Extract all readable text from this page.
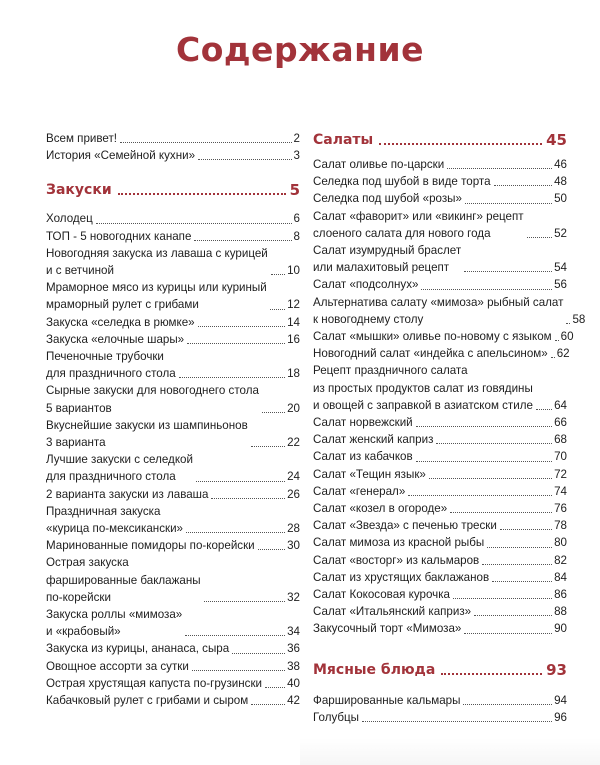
Содержание
Всем привет!	2
История «Семейной кухни»	3
Закуски	5
Холодец	6
ТОП - 5 новогодних канапе	8
Новогодняя закуска из лаваша с курицей
и с ветчиной	10
Мраморное мясо из курицы или куриный
мраморный рулет с грибами	12
Закуска «селедка в рюмке»	14
Закуска «елочные шары»	16
Печеночные трубочки
для праздничного стола	18
Сырные закуски для новогоднего стола
5 вариантов	20
Вкуснейшие закуски из шампиньонов
3 варианта	22
Лучшие закуски с селедкой
для праздничного стола	24
2 варианта закуски из лаваша	26
Праздничная закуска
«курица по-мексикански»	28
Маринованные помидоры по-корейски	30
Острая закуска
фаршированные баклажаны
по-корейски	32
Закуска роллы «мимоза»
и «крабовый»	34
Закуска из курицы, ананаса, сыра	36
Овощное ассорти за сутки	38
Острая хрустящая капуста по-грузински 40
Кабачковый рулет с грибами и сыром	42
Салаты	45
Салат оливье по-царски	46
Селедка под шубой в виде торта	48
Селедка под шубой «розы»	50
Салат «фаворит» или «викинг» рецепт
слоеного салата для нового года	52
Салат изумрудный браслет
или малахитовый рецепт	54
Салат «подсолнух»	56
Альтернатива салату «мимоза» рыбный салат
к новогоднему столу	58
Салат «мышки» оливье по-новому с языком 60
Новогодний салат «индейка с апельсином» 62
Рецепт праздничного салата
из простых продуктов салат из говядины
и овощей с заправкой в азиатском стиле 64
Салат норвежский	66
Салат женский каприз	68
Салат из кабачков	70
Салат «Тещин язык»	72
Салат «генерал»	74
Салат «козел в огороде»	76
Салат «Звезда» с печенью трески	78
Салат мимоза из красной рыбы	80
Салат «восторг» из кальмаров	82
Салат из хрустящих баклажанов	84
Салат Кокосовая курочка	86
Салат «Итальянский каприз»	88
Закусочный торт «Мимоза»	90
Мясные блюда	93
Фаршированные кальмары	94
Голубцы	96
